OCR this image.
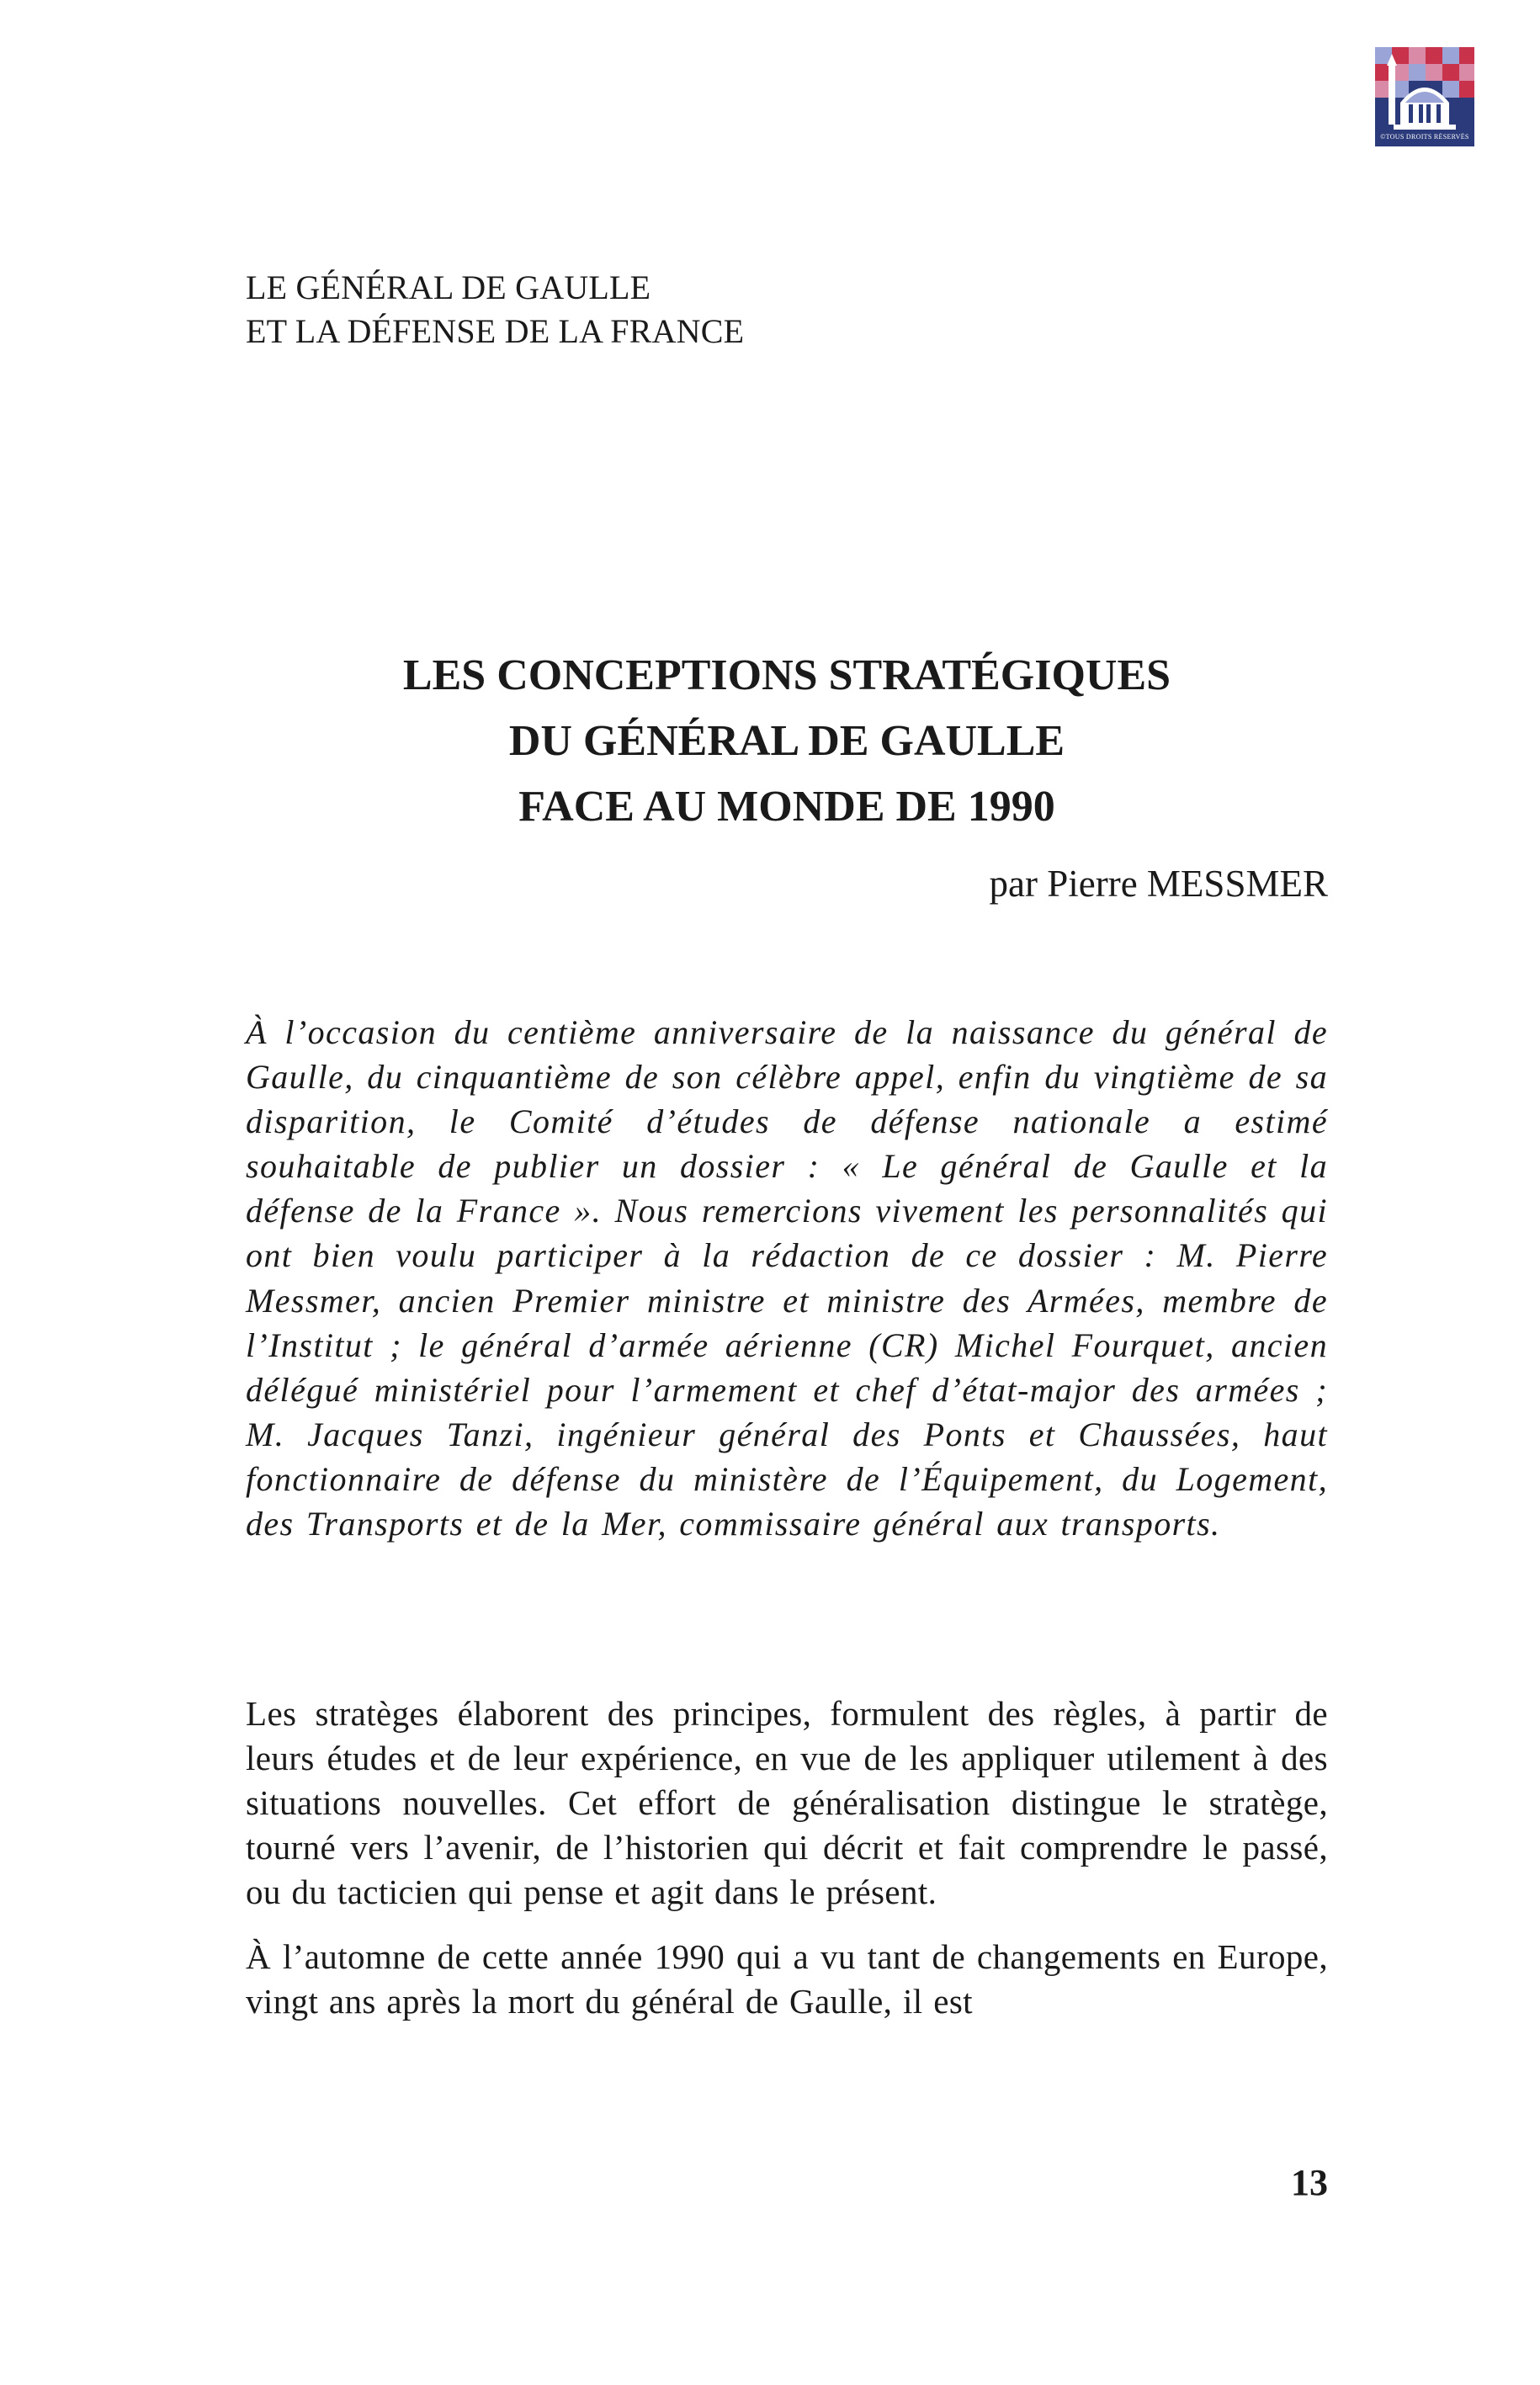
©TOUS DROITS RÉSERVÉS
LE GÉNÉRAL DE GAULLE
ET LA DÉFENSE DE LA FRANCE
LES CONCEPTIONS STRATÉGIQUES
DU GÉNÉRAL DE GAULLE
FACE AU MONDE DE 1990
par Pierre MESSMER

À l’occasion du centième anniversaire de la naissance du général de Gaulle, du cinquantième de son célèbre appel, enfin du vingtième de sa disparition, le Comité d’études de défense nationale a estimé souhaitable de publier un dossier : « Le général de Gaulle et la défense de la France ». Nous remercions vivement les personnalités qui ont bien voulu participer à la rédaction de ce dossier : M. Pierre Messmer, ancien Premier ministre et ministre des Armées, membre de l’Institut ; le général d’armée aérienne (CR) Michel Fourquet, ancien délégué ministériel pour l’armement et chef d’état-major des armées ; M. Jacques Tanzi, ingénieur général des Ponts et Chaussées, haut fonctionnaire de défense du ministère de l’Équipement, du Logement, des Transports et de la Mer, commissaire général aux transports.

Les stratèges élaborent des principes, formulent des règles, à partir de leurs études et de leur expérience, en vue de les appliquer utilement à des situations nouvelles. Cet effort de généralisation distingue le stratège, tourné vers l’avenir, de l’historien qui décrit et fait comprendre le passé, ou du tacticien qui pense et agit dans le présent.

À l’automne de cette année 1990 qui a vu tant de changements en Europe, vingt ans après la mort du général de Gaulle, il est

13
